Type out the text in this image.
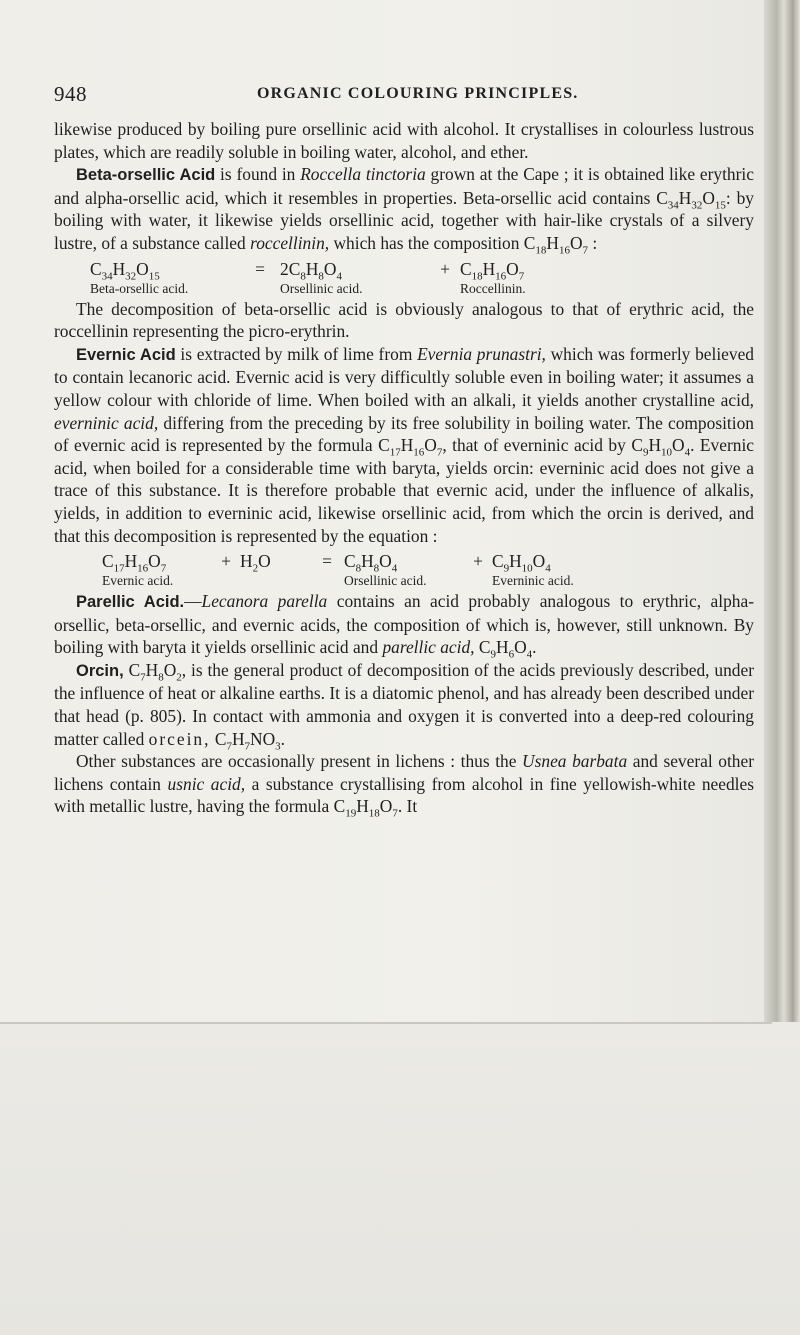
948	ORGANIC COLOURING PRINCIPLES.

likewise produced by boiling pure orsellinic acid with alcohol. It crystallises in colourless lustrous plates, which are readily soluble in boiling water, alcohol, and ether.

Beta-orsellic Acid is found in Roccella tinctoria grown at the Cape ; it is obtained like erythric and alpha-orsellic acid, which it resembles in properties. Beta-orsellic acid contains $C_{34}H_{32}O_{15}$: by boiling with water, it likewise yields orsellinic acid, together with hair-like crystals of a silvery lustre, of a substance called roccellinin, which has the composition $C_{18}H_{16}O_7$ :

$C_{34}H_{32}O_{15}$	= $2C_8H_8O_4$	+ $C_{18}H_{16}O_7$
Beta-orsellic acid.	Orsellinic acid.	Roccellinin.

The decomposition of beta-orsellic acid is obviously analogous to that of erythric acid, the roccellinin representing the picro-erythrin.

Evernic Acid is extracted by milk of lime from Evernia prunastri, which was formerly believed to contain lecanoric acid. Evernic acid is very difficultly soluble even in boiling water; it assumes a yellow colour with chloride of lime. When boiled with an alkali, it yields another crystalline acid, everninic acid, differing from the preceding by its free solubility in boiling water. The composition of evernic acid is represented by the formula $C_{17}H_{16}O_7$, that of everninic acid by $C_9H_{10}O_4$. Evernic acid, when boiled for a considerable time with baryta, yields orcin: everninic acid does not give a trace of this substance. It is therefore probable that evernic acid, under the influence of alkalis, yields, in addition to everninic acid, likewise orsellinic acid, from which the orcin is derived, and that this decomposition is represented by the equation :

$C_{17}H_{16}O_7$	+ $H_2O$	= $C_8H_8O_4$	+ $C_9H_{10}O_4$
Evernic acid.	Orsellinic acid.	Everninic acid.

Parellic Acid.—Lecanora parella contains an acid probably analogous to erythric, alpha-orsellic, beta-orsellic, and evernic acids, the composition of which is, however, still unknown. By boiling with baryta it yields orsellinic acid and parellic acid, $C_9H_6O_4$.

Orcin, $C_7H_8O_2$, is the general product of decomposition of the acids previously described, under the influence of heat or alkaline earths. It is a diatomic phenol, and has already been described under that head (p. 805). In contact with ammonia and oxygen it is converted into a deep-red colouring matter called orcein, $C_7H_7NO_3$.

Other substances are occasionally present in lichens : thus the Usnea barbata and several other lichens contain usnic acid, a substance crystallising from alcohol in fine yellowish-white needles with metallic lustre, having the formula $C_{19}H_{18}O_7$. It
